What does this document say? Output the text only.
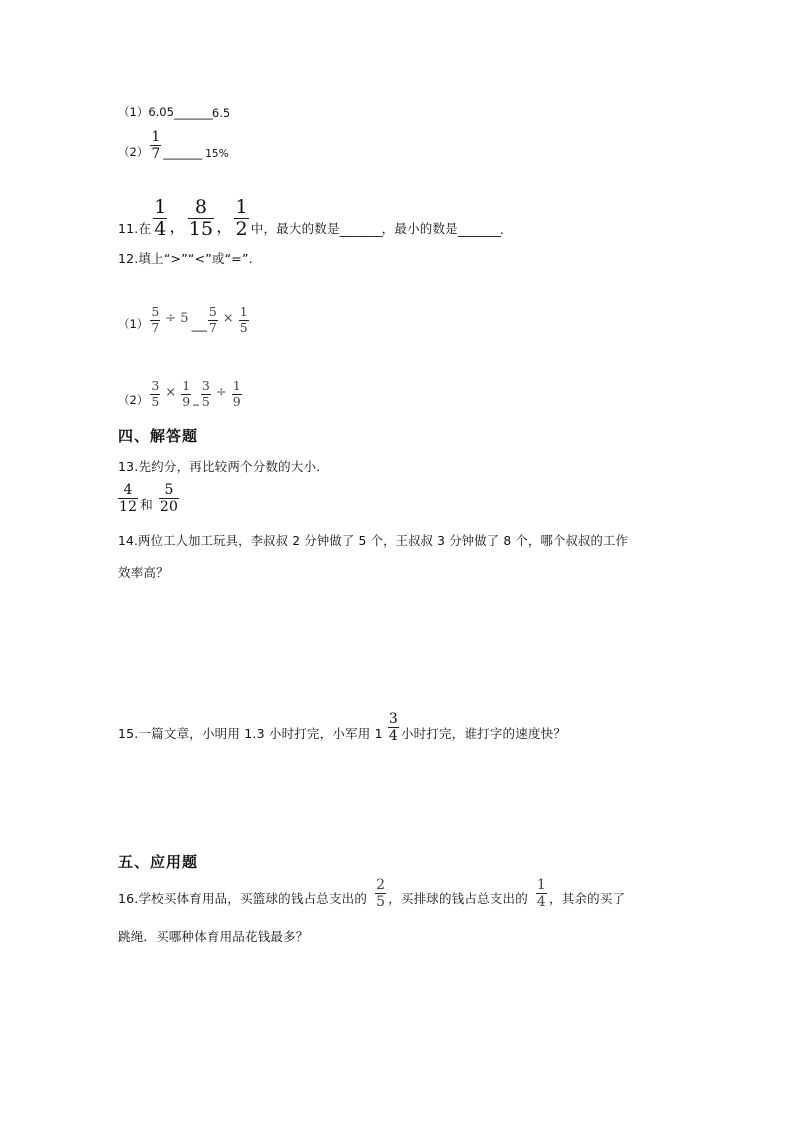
（1）6.05 ________ 6.5
$(2) \frac{1}{7}$ ________ 15%
11.在 $\frac{1}{4}$ ， $\frac{8}{15}$ ， $\frac{1}{2}$ 中，最大的数是 ________ ，最小的数是 ________ .
12.填上“>”“<”或“=”.
$(1) \frac{5}{7} \div 5$ ___ $\frac{5}{7} \times \frac{1}{5}$
$(2) \frac{3}{5} \times \frac{1}{9}$ _ $\frac{3}{5} \div \frac{1}{9}$
四、解答题
13.先约分，再比较两个分数的大小．
$\frac{4}{12}$ 和 $\frac{5}{20}$
14.两位工人加工玩具，李叔叔 2 分钟做了 5 个，王叔叔 3 分钟做了 8 个，哪个叔叔的工作
效率高？
15.一篇文章，小明用 1.3 小时打完，小军用 $1 \frac{3}{4}$ 小时打完，谁打字的速度快？
五、应用题
16.学校买体育用品，买篮球的钱占总支出的 $\frac{2}{5}$ ，买排球的钱占总支出的 $\frac{1}{4}$ ，其余的买了
跳绳．买哪种体育用品花钱最多？
